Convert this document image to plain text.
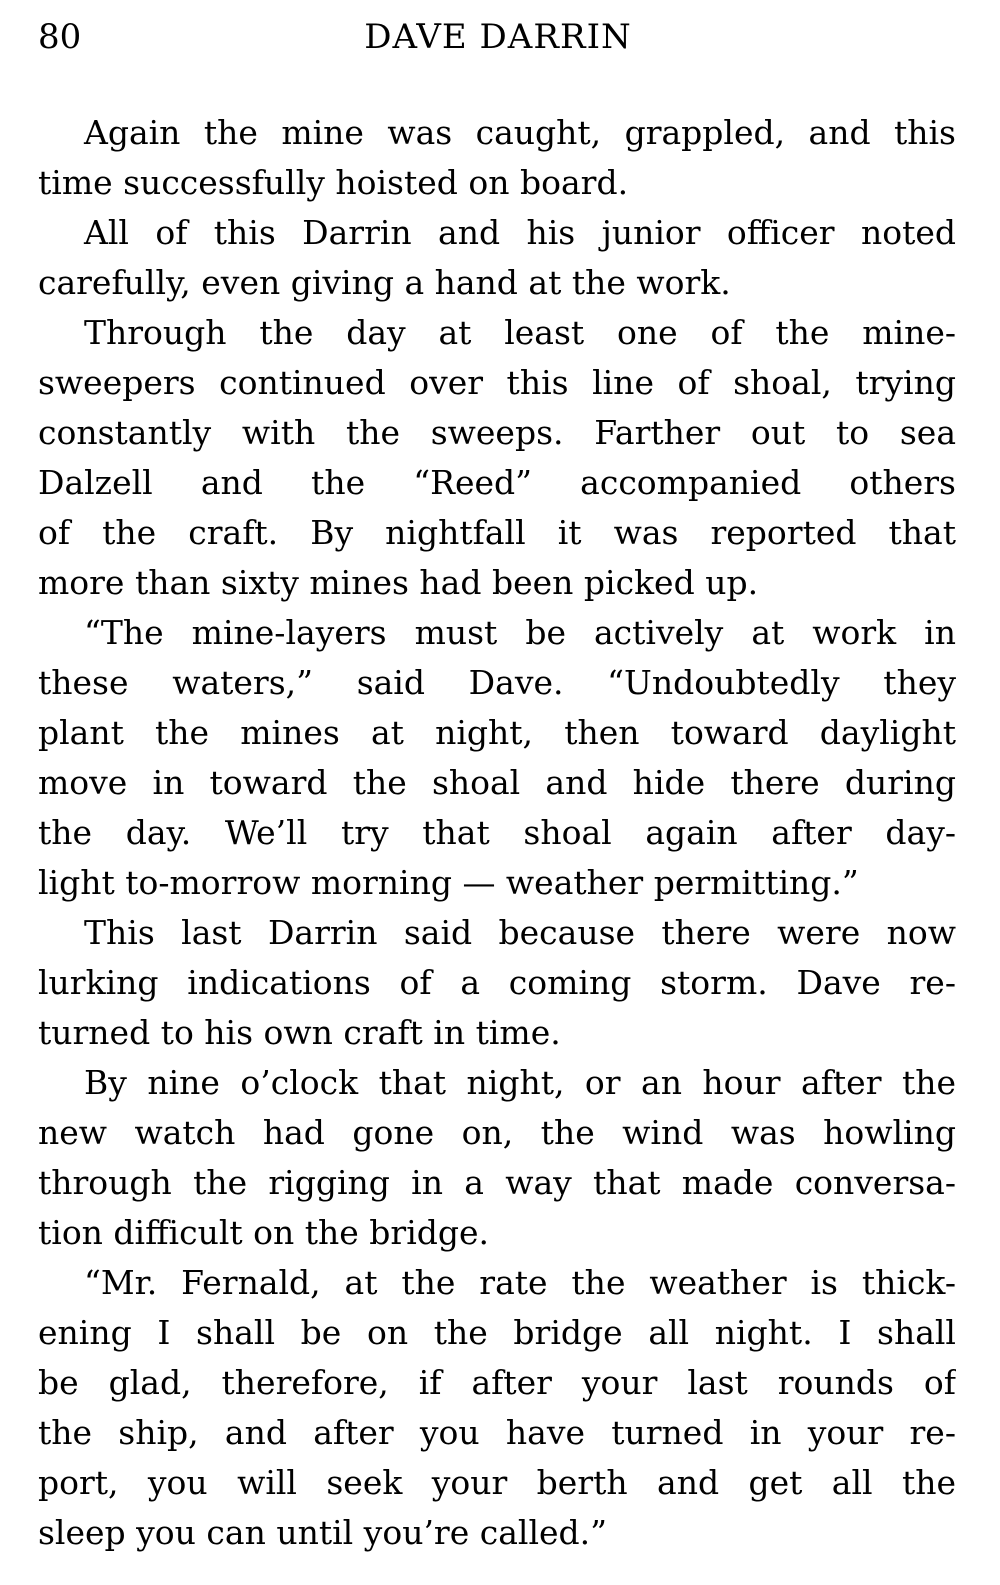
80	DAVE DARRIN
Again the mine was caught, grappled, and this
time successfully hoisted on board.
All of this Darrin and his junior officer noted
carefully, even giving a hand at the work.
Through the day at least one of the mine-
sweepers continued over this line of shoal, trying
constantly with the sweeps. Farther out to sea
Dalzell and the “Reed” accompanied others
of the craft. By nightfall it was reported that
more than sixty mines had been picked up.
“The mine-layers must be actively at work in
these waters,” said Dave. “Undoubtedly they
plant the mines at night, then toward daylight
move in toward the shoal and hide there during
the day. We’ll try that shoal again after day-
light to-morrow morning — weather permitting.”
This last Darrin said because there were now
lurking indications of a coming storm. Dave re-
turned to his own craft in time.
By nine o’clock that night, or an hour after the
new watch had gone on, the wind was howling
through the rigging in a way that made conversa-
tion difficult on the bridge.
“Mr. Fernald, at the rate the weather is thick-
ening I shall be on the bridge all night. I shall
be glad, therefore, if after your last rounds of
the ship, and after you have turned in your re-
port, you will seek your berth and get all the
sleep you can until you’re called.”
